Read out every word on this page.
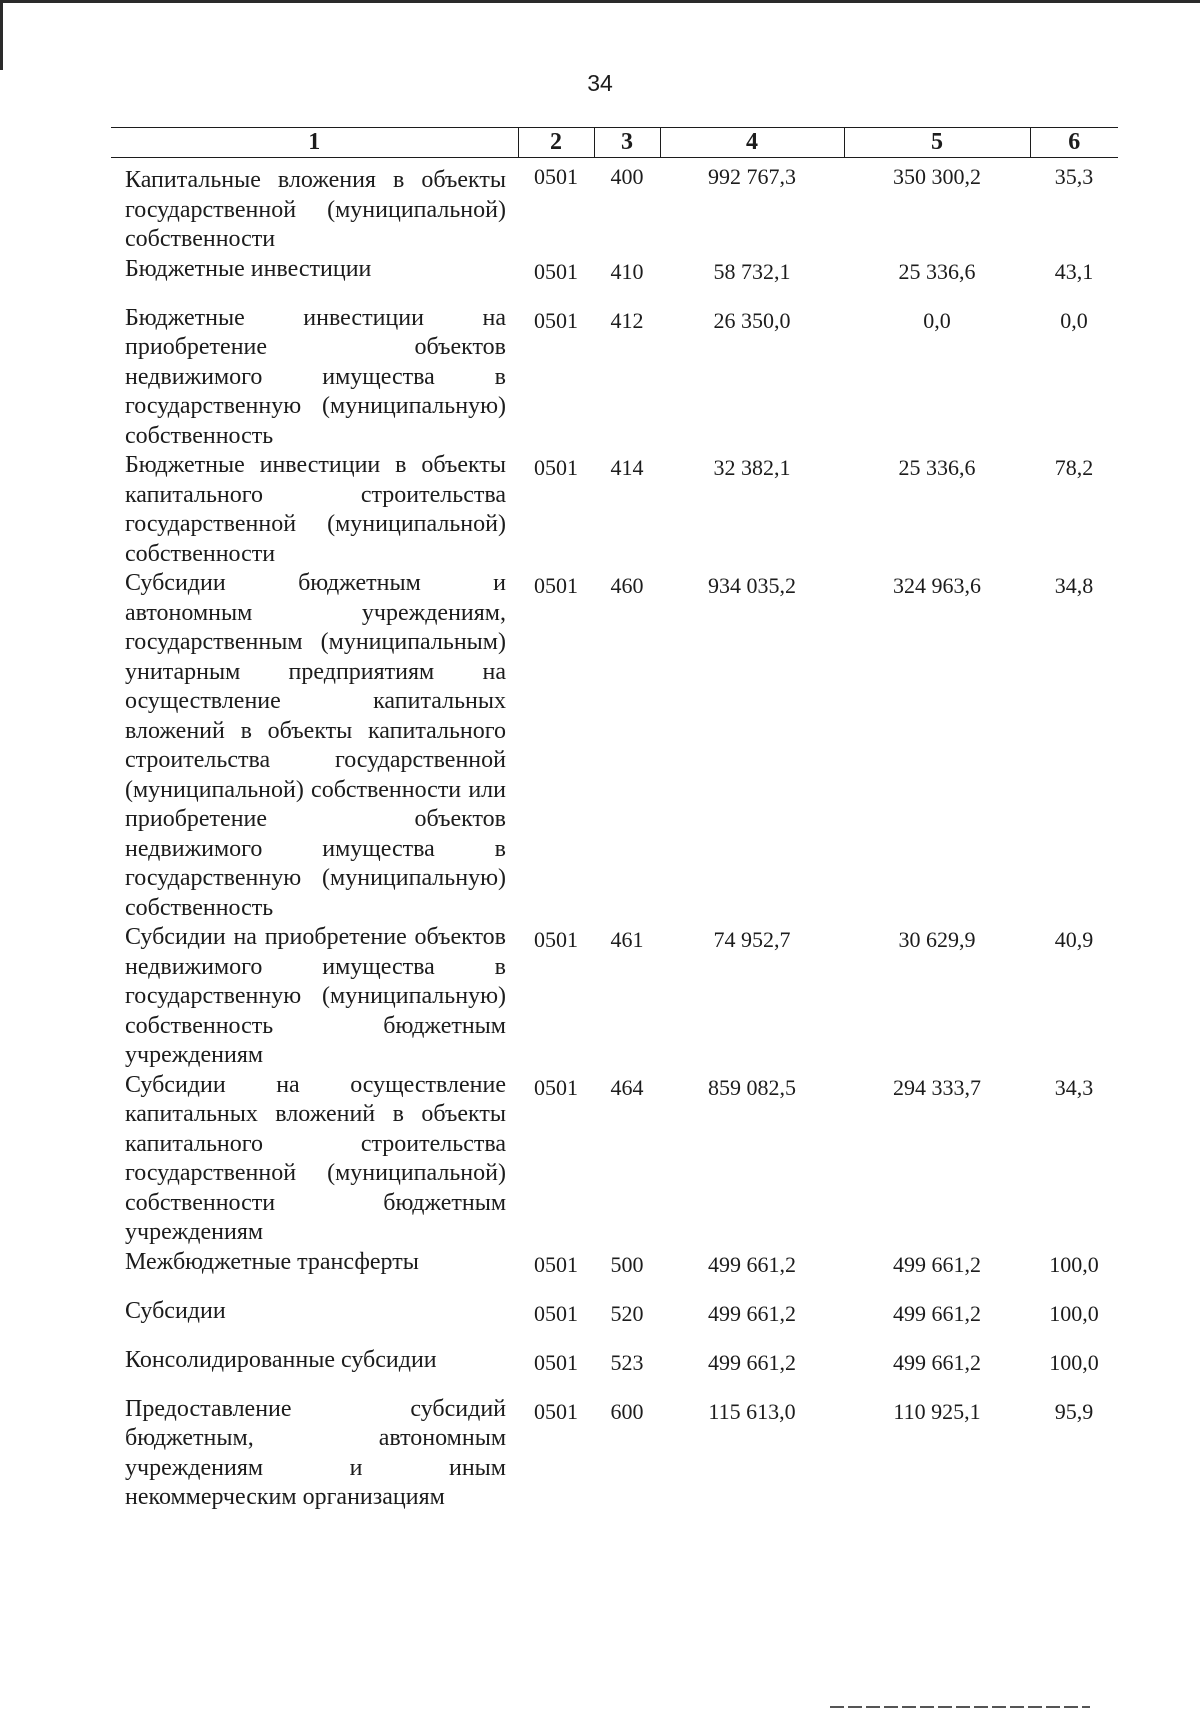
34
1	2	3	4	5	6
Капитальные вложения в объекты государственной (муниципальной) собственности	0501	400	992 767,3	350 300,2	35,3
Бюджетные инвестиции	0501	410	58 732,1	25 336,6	43,1
Бюджетные инвестиции на приобретение объектов недвижимого имущества в государственную (муниципальную) собственность	0501	412	26 350,0	0,0	0,0
Бюджетные инвестиции в объекты капитального строительства государственной (муниципальной) собственности	0501	414	32 382,1	25 336,6	78,2
Субсидии бюджетным и автономным учреждениям, государственным (муниципальным) унитарным предприятиям на осуществление капитальных вложений в объекты капитального строительства государственной (муниципальной) собственности или приобретение объектов недвижимого имущества в государственную (муниципальную) собственность	0501	460	934 035,2	324 963,6	34,8
Субсидии на приобретение объектов недвижимого имущества в государственную (муниципальную) собственность бюджетным учреждениям	0501	461	74 952,7	30 629,9	40,9
Субсидии на осуществление капитальных вложений в объекты капитального строительства государственной (муниципальной) собственности бюджетным учреждениям	0501	464	859 082,5	294 333,7	34,3
Межбюджетные трансферты	0501	500	499 661,2	499 661,2	100,0
Субсидии	0501	520	499 661,2	499 661,2	100,0
Консолидированные субсидии	0501	523	499 661,2	499 661,2	100,0
Предоставление субсидий бюджетным, автономным учреждениям и иным некоммерческим организациям	0501	600	115 613,0	110 925,1	95,9
